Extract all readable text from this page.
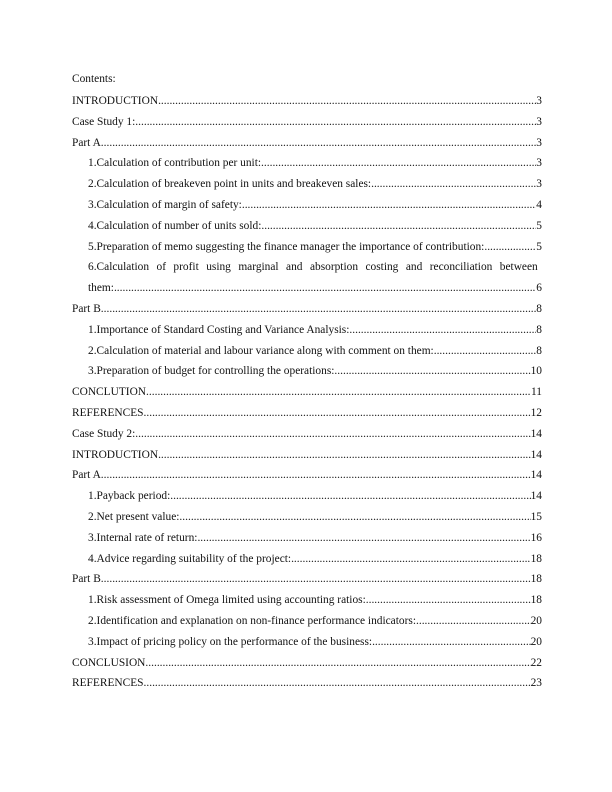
Contents:
INTRODUCTION .....	3
Case Study 1: .....	3
Part A .....	3
1.Calculation of contribution per unit: .....	3
2.Calculation of breakeven point in units and breakeven sales: .....	3
3.Calculation of margin of safety: .....	4
4.Calculation of number of units sold: .....	5
5.Preparation of memo suggesting the finance manager the importance of contribution: .....	5
6.Calculation of profit using marginal and absorption costing and reconciliation between
them: .....	6
Part B .....	8
1.Importance of Standard Costing and Variance Analysis: .....	8
2.Calculation of material and labour variance along with comment on them: .....	8
3.Preparation of budget for controlling the operations: .....	10
CONCLUTION .....	11
REFERENCES .....	12
Case Study 2: .....	14
INTRODUCTION .....	14
Part A .....	14
1.Payback period: .....	14
2.Net present value: .....	15
3.Internal rate of return: .....	16
4.Advice regarding suitability of the project: .....	18
Part B .....	18
1.Risk assessment of Omega limited using accounting ratios: .....	18
2.Identification and explanation on non-finance performance indicators: .....	20
3.Impact of pricing policy on the performance of the business: .....	20
CONCLUSION .....	22
REFERENCES .....	23
